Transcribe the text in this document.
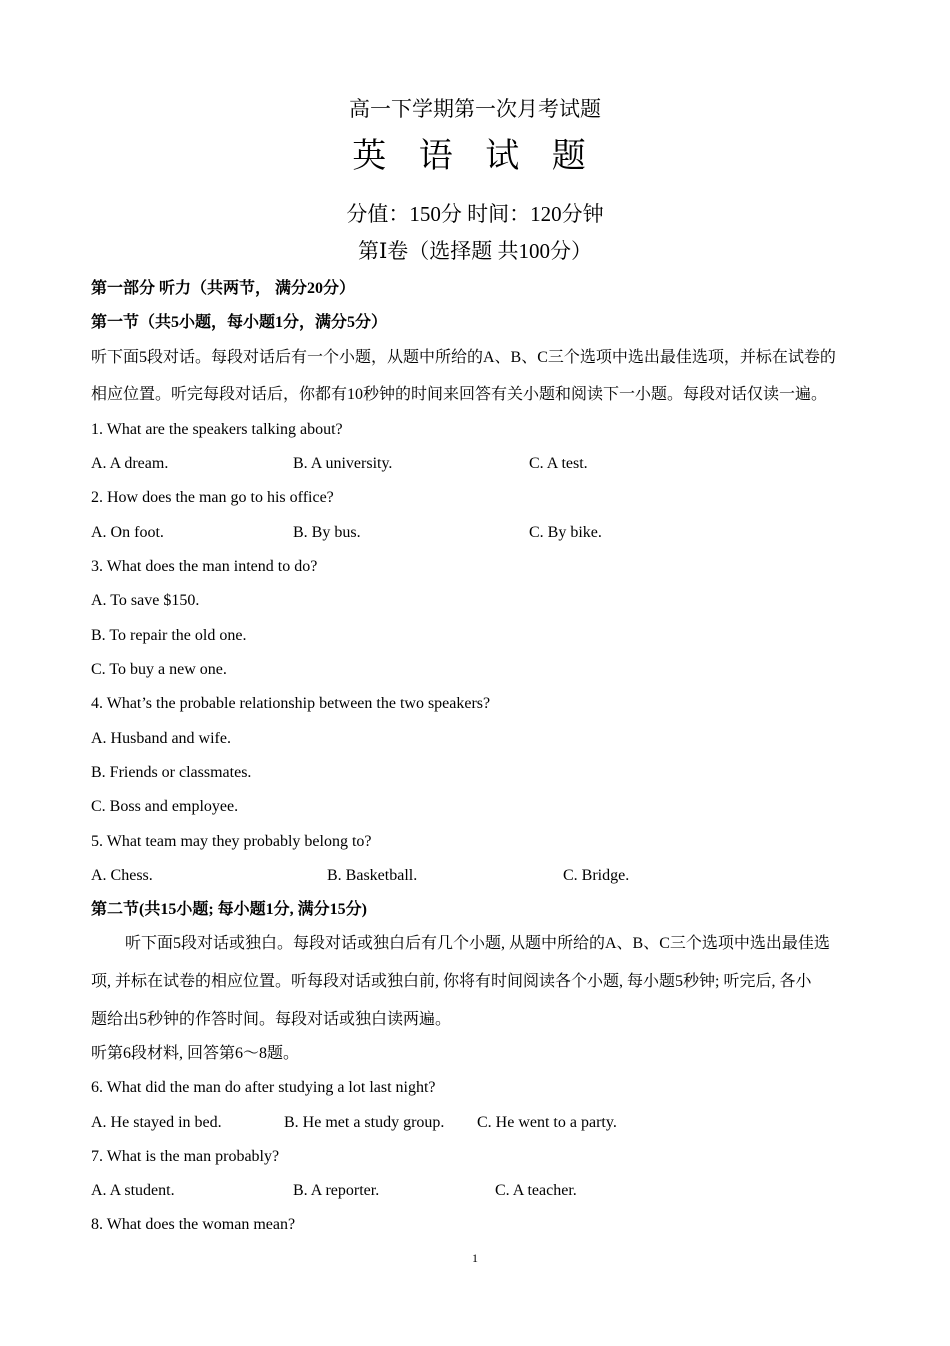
高一下学期第一次月考试题
英 语 试 题
分值：150分 时间：120分钟
第Ⅰ卷（选择题 共100分）
第一部分 听力（共两节， 满分20分）
第一节（共5小题，每小题1分，满分5分）
听下面5段对话。每段对话后有一个小题，从题中所给的A、B、C三个选项中选出最佳选项，并标在试卷的
相应位置。听完每段对话后，你都有10秒钟的时间来回答有关小题和阅读下一小题。每段对话仅读一遍。
1. What are the speakers talking about?
A. A dream.	B. A university.	C. A test.
2. How does the man go to his office?
A. On foot.	B. By bus.	C. By bike.
3. What does the man intend to do?
A. To save $150.
B. To repair the old one.
C. To buy a new one.
4. What’s the probable relationship between the two speakers?
A. Husband and wife.
B. Friends or classmates.
C. Boss and employee.
5. What team may they probably belong to?
A. Chess.	B. Basketball.	C. Bridge.
第二节(共15小题; 每小题1分, 满分15分)
听下面5段对话或独白。每段对话或独白后有几个小题, 从题中所给的A、B、C三个选项中选出最佳选
项, 并标在试卷的相应位置。听每段对话或独白前, 你将有时间阅读各个小题, 每小题5秒钟; 听完后, 各小
题给出5秒钟的作答时间。每段对话或独白读两遍。
听第6段材料, 回答第6～8题。
6. What did the man do after studying a lot last night?
A. He stayed in bed.	B. He met a study group. C. He went to a party.
7. What is the man probably?
A. A student.	B. A reporter.	C. A teacher.
8. What does the woman mean?
1
